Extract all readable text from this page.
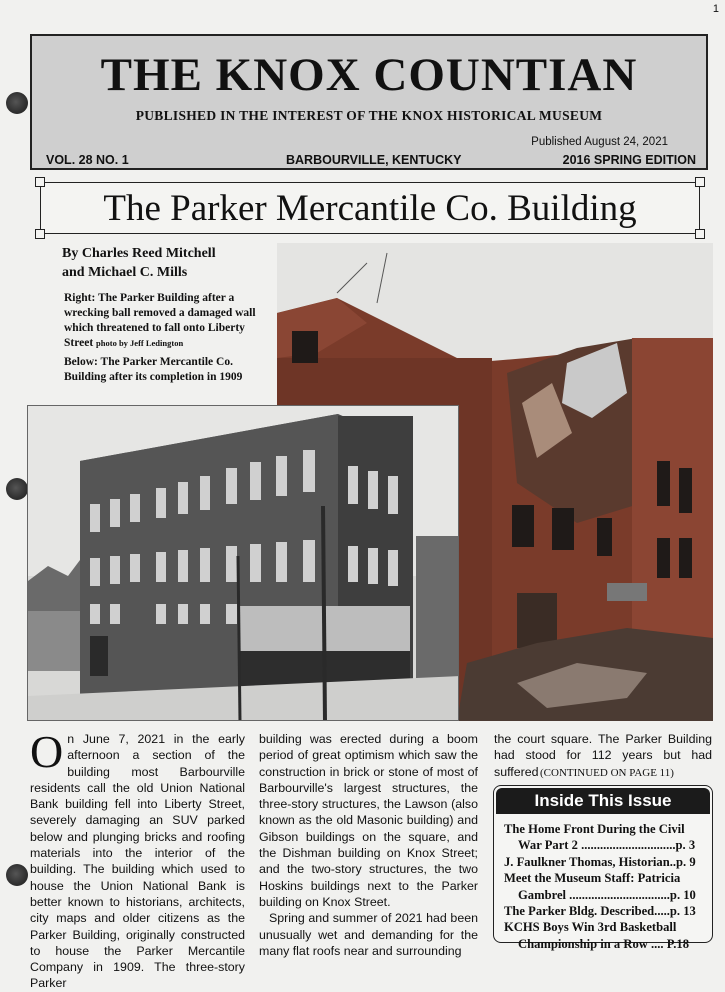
1
THE KNOX COUNTIAN
PUBLISHED IN THE INTEREST OF THE KNOX HISTORICAL MUSEUM
Published August 24, 2021
VOL. 28 NO. 1	BARBOURVILLE, KENTUCKY	2016 SPRING EDITION
The Parker Mercantile Co. Building
By Charles Reed Mitchell
and Michael C. Mills
Right: The Parker Building after a wrecking ball removed a damaged wall which threatened to fall onto Liberty Street photo by Jeff Ledington
Below: The Parker Mercantile Co. Building after its completion in 1909
O n June 7, 2021 in the early afternoon a section of the building most Barbourville residents call the old Union National Bank building fell into Liberty Street, severely damaging an SUV parked below and plunging bricks and roofing materials into the interior of the building. The building which used to house the Union National Bank is better known to historians, architects, city maps and older citizens as the Parker Building, originally constructed to house the Parker Mercantile Company in 1909. The three-story Parker

building was erected during a boom period of great optimism which saw the construction in brick or stone of most of Barbourville's largest structures, the three-story structures, the Lawson (also known as the old Masonic building) and Gibson buildings on the square, and the Dishman building on Knox Street; and the two-story structures, the two Hoskins buildings next to the Parker building on Knox Street.

Spring and summer of 2021 had been unusually wet and demanding for the many flat roofs near and surrounding

the court square. The Parker Building had stood for 112 years but had suffered (CONTINUED ON PAGE 11)
Inside This Issue
The Home Front During the Civil
War Part 2 ..............................p. 3
J. Faulkner Thomas, Historian..p. 9
Meet the Museum Staff: Patricia
Gambrel ................................p. 10
The Parker Bldg. Described.....p. 13
KCHS Boys Win 3rd Basketball
Championship in a Row .... P.18
